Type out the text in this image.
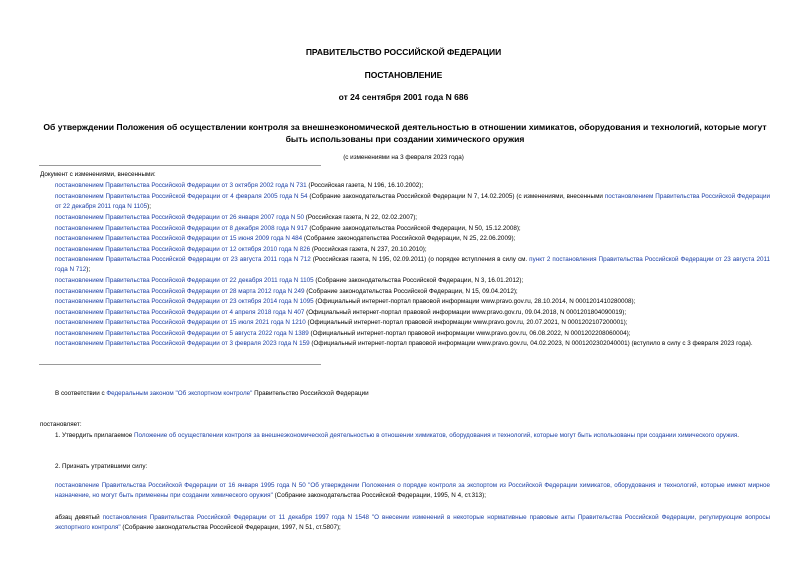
ПРАВИТЕЛЬСТВО РОССИЙСКОЙ ФЕДЕРАЦИИ
ПОСТАНОВЛЕНИЕ
от 24 сентября 2001 года N 686
Об утверждении Положения об осуществлении контроля за внешнеэкономической деятельностью в отношении химикатов, оборудования и технологий, которые могут быть использованы при создании химического оружия
(с изменениями на 3 февраля 2023 года)
Документ с изменениями, внесенными:
постановлением Правительства Российской Федерации от 3 октября 2002 года N 731 (Российская газета, N 196, 16.10.2002);
постановлением Правительства Российской Федерации от 4 февраля 2005 года N 54 (Собрание законодательства Российской Федерации N 7, 14.02.2005) (с изменениями, внесенными постановлением Правительства Российской Федерации от 22 декабря 2011 года N 1105);
постановлением Правительства Российской Федерации от 26 января 2007 года N 50 (Российская газета, N 22, 02.02.2007);
постановлением Правительства Российской Федерации от 8 декабря 2008 года N 917 (Собрание законодательства Российской Федерации, N 50, 15.12.2008);
постановлением Правительства Российской Федерации от 15 июня 2009 года N 484 (Собрание законодательства Российской Федерации, N 25, 22.06.2009);
постановлением Правительства Российской Федерации от 12 октября 2010 года N 826 (Российская газета, N 237, 20.10.2010);
постановлением Правительства Российской Федерации от 23 августа 2011 года N 712 (Российская газета, N 195, 02.09.2011) (о порядке вступления в силу см. пункт 2 постановления Правительства Российской Федерации от 23 августа 2011 года N 712);
постановлением Правительства Российской Федерации от 22 декабря 2011 года N 1105 (Собрание законодательства Российской Федерации, N 3, 16.01.2012);
постановлением Правительства Российской Федерации от 28 марта 2012 года N 249 (Собрание законодательства Российской Федерации, N 15, 09.04.2012);
постановлением Правительства Российской Федерации от 23 октября 2014 года N 1095 (Официальный интернет-портал правовой информации www.pravo.gov.ru, 28.10.2014, N 0001201410280008);
постановлением Правительства Российской Федерации от 4 апреля 2018 года N 407 (Официальный интернет-портал правовой информации www.pravo.gov.ru, 09.04.2018, N 0001201804090019);
постановлением Правительства Российской Федерации от 15 июля 2021 года N 1210 (Официальный интернет-портал правовой информации www.pravo.gov.ru, 20.07.2021, N 0001202107200001);
постановлением Правительства Российской Федерации от 5 августа 2022 года N 1389 (Официальный интернет-портал правовой информации www.pravo.gov.ru, 06.08.2022, N 0001202208060004);
постановлением Правительства Российской Федерации от 3 февраля 2023 года N 159 (Официальный интернет-портал правовой информации www.pravo.gov.ru, 04.02.2023, N 0001202302040001) (вступило в силу с 3 февраля 2023 года).
В соответствии с Федеральным законом "Об экспортном контроле" Правительство Российской Федерации
постановляет:
1. Утвердить прилагаемое Положение об осуществлении контроля за внешнеэкономической деятельностью в отношении химикатов, оборудования и технологий, которые могут быть использованы при создании химического оружия.
2. Признать утратившими силу:
постановление Правительства Российской Федерации от 16 января 1995 года N 50 "Об утверждении Положения о порядке контроля за экспортом из Российской Федерации химикатов, оборудования и технологий, которые имеют мирное назначение, но могут быть применены при создании химического оружия" (Собрание законодательства Российской Федерации, 1995, N 4, ст.313);
абзац девятый постановления Правительства Российской Федерации от 11 декабря 1997 года N 1548 "О внесении изменений в некоторые нормативные правовые акты Правительства Российской Федерации, регулирующие вопросы экспортного контроля" (Собрание законодательства Российской Федерации, 1997, N 51, ст.5807);
